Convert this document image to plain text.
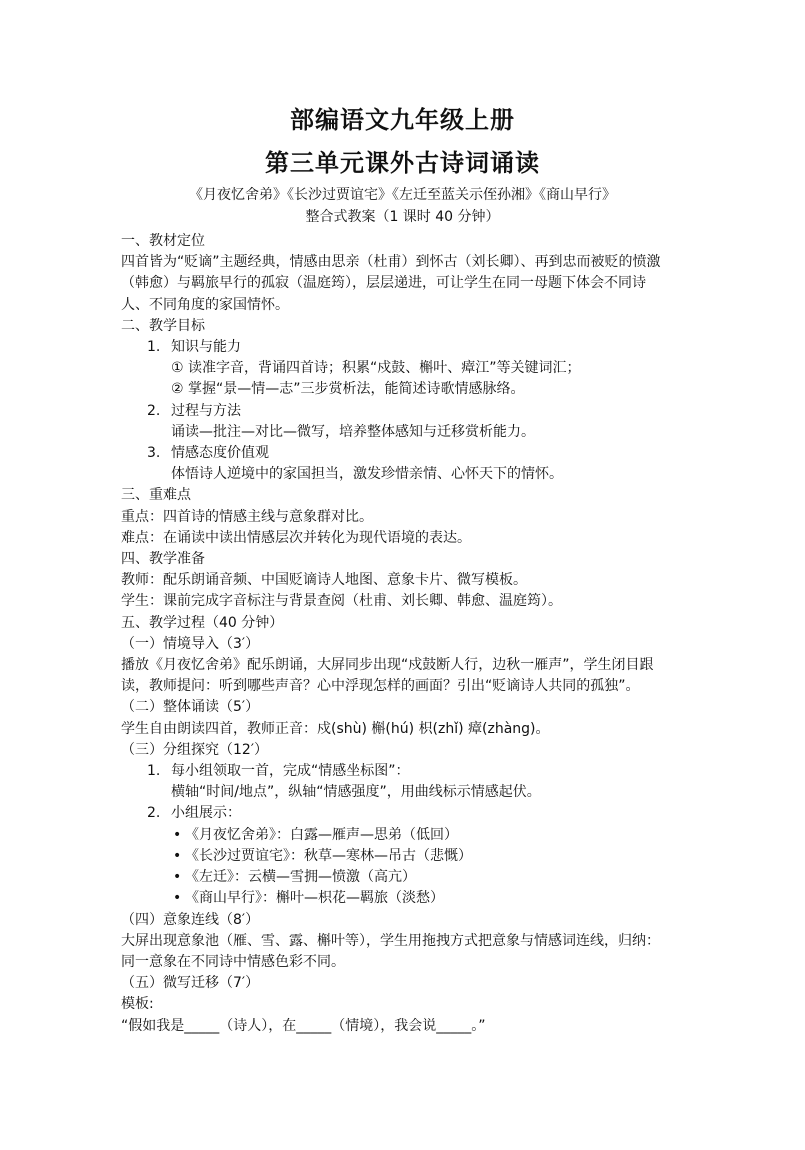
部编语文九年级上册
第三单元课外古诗词诵读
《月夜忆舍弟》《长沙过贾谊宅》《左迁至蓝关示侄孙湘》《商山早行》
整合式教案（1 课时 40 分钟）

一、教材定位

四首皆为“贬谪”主题经典，情感由思亲（杜甫）到怀古（刘长卿）、再到忠而被贬的愤激

（韩愈）与羁旅早行的孤寂（温庭筠），层层递进，可让学生在同一母题下体会不同诗

人、不同角度的家国情怀。

二、教学目标

1. 知识与能力

① 读准字音，背诵四首诗；积累“戍鼓、槲叶、瘴江”等关键词汇；

② 掌握“景—情—志”三步赏析法，能简述诗歌情感脉络。

2. 过程与方法

诵读—批注—对比—微写，培养整体感知与迁移赏析能力。

3. 情感态度价值观

体悟诗人逆境中的家国担当，激发珍惜亲情、心怀天下的情怀。

三、重难点

重点：四首诗的情感主线与意象群对比。

难点：在诵读中读出情感层次并转化为现代语境的表达。

四、教学准备

教师：配乐朗诵音频、中国贬谪诗人地图、意象卡片、微写模板。

学生：课前完成字音标注与背景查阅（杜甫、刘长卿、韩愈、温庭筠）。

五、教学过程（40 分钟）

（一）情境导入（3′）

播放《月夜忆舍弟》配乐朗诵，大屏同步出现“戍鼓断人行，边秋一雁声”，学生闭目跟

读，教师提问：听到哪些声音？心中浮现怎样的画面？引出“贬谪诗人共同的孤独”。

（二）整体诵读（5′）

学生自由朗读四首，教师正音：戍(shù) 槲(hú) 枳(zhǐ) 瘴(zhàng)。

（三）分组探究（12′）

1. 每小组领取一首，完成“情感坐标图”：

横轴“时间/地点”，纵轴“情感强度”，用曲线标示情感起伏。

2. 小组展示：

• 《月夜忆舍弟》：白露—雁声—思弟（低回）

• 《长沙过贾谊宅》：秋草—寒林—吊古（悲慨）

• 《左迁》：云横—雪拥—愤激（高亢）

• 《商山早行》：槲叶—枳花—羁旅（淡愁）

（四）意象连线（8′）

大屏出现意象池（雁、雪、露、槲叶等），学生用拖拽方式把意象与情感词连线，归纳：

同一意象在不同诗中情感色彩不同。

（五）微写迁移（7′）

模板:

“假如我是_____（诗人），在_____（情境），我会说_____。”
